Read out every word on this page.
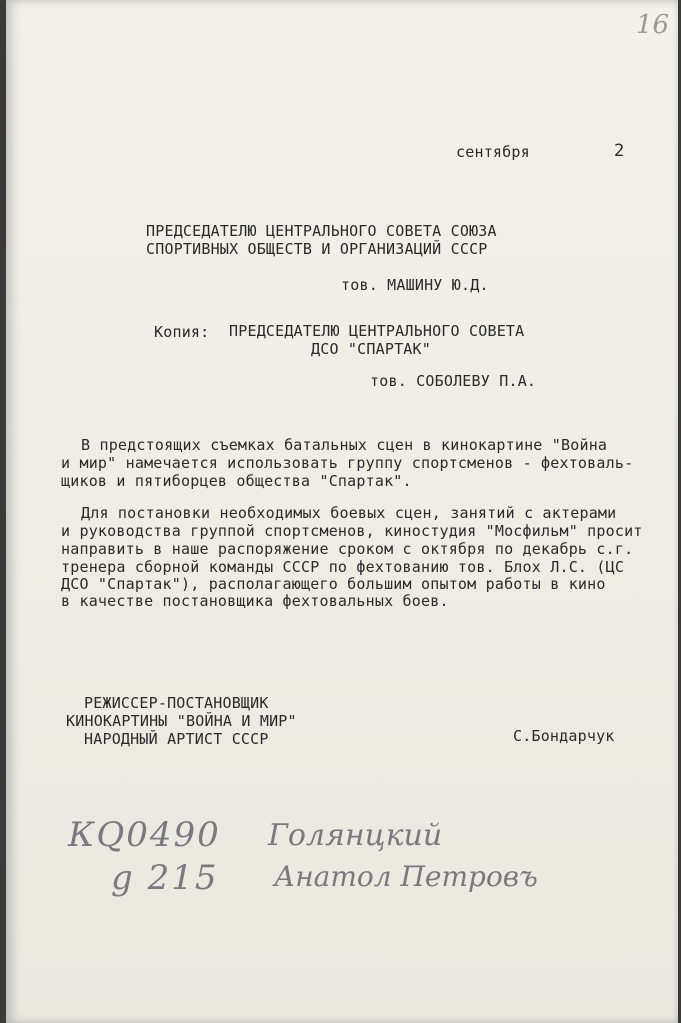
16
сентября	2
ПРЕДСЕДАТЕЛЮ ЦЕНТРАЛЬНОГО СОВЕТА СОЮЗА
СПОРТИВНЫХ ОБЩЕСТВ И ОРГАНИЗАЦИЙ СССР
тов. МАШИНУ Ю.Д.
Копия: ПРЕДСЕДАТЕЛЮ ЦЕНТРАЛЬНОГО СОВЕТА
ДСО "СПАРТАК"
тов. СОБОЛЕВУ П.А.
В предстоящих съемках батальных сцен в кинокартине "Война
и мир" намечается использовать группу спортсменов - фехтоваль-
щиков и пятиборцев общества "Спартак".
Для постановки необходимых боевых сцен, занятий с актерами
и руководства группой спортсменов, киностудия "Мосфильм" просит
направить в наше распоряжение сроком с октября по декабрь с.г.
тренера сборной команды СССР по фехтованию тов. Блох Л.С. (ЦС
ДСО "Спартак"), располагающего большим опытом работы в кино
в качестве постановщика фехтовальных боев.
РЕЖИССЕР-ПОСТАНОВЩИК
КИНОКАРТИНЫ "ВОЙНА И МИР"
НАРОДНЫЙ АРТИСТ СССР	С.Бондарчук
КQ0490
g 215
Голянцкий
Анатол Петровъ
